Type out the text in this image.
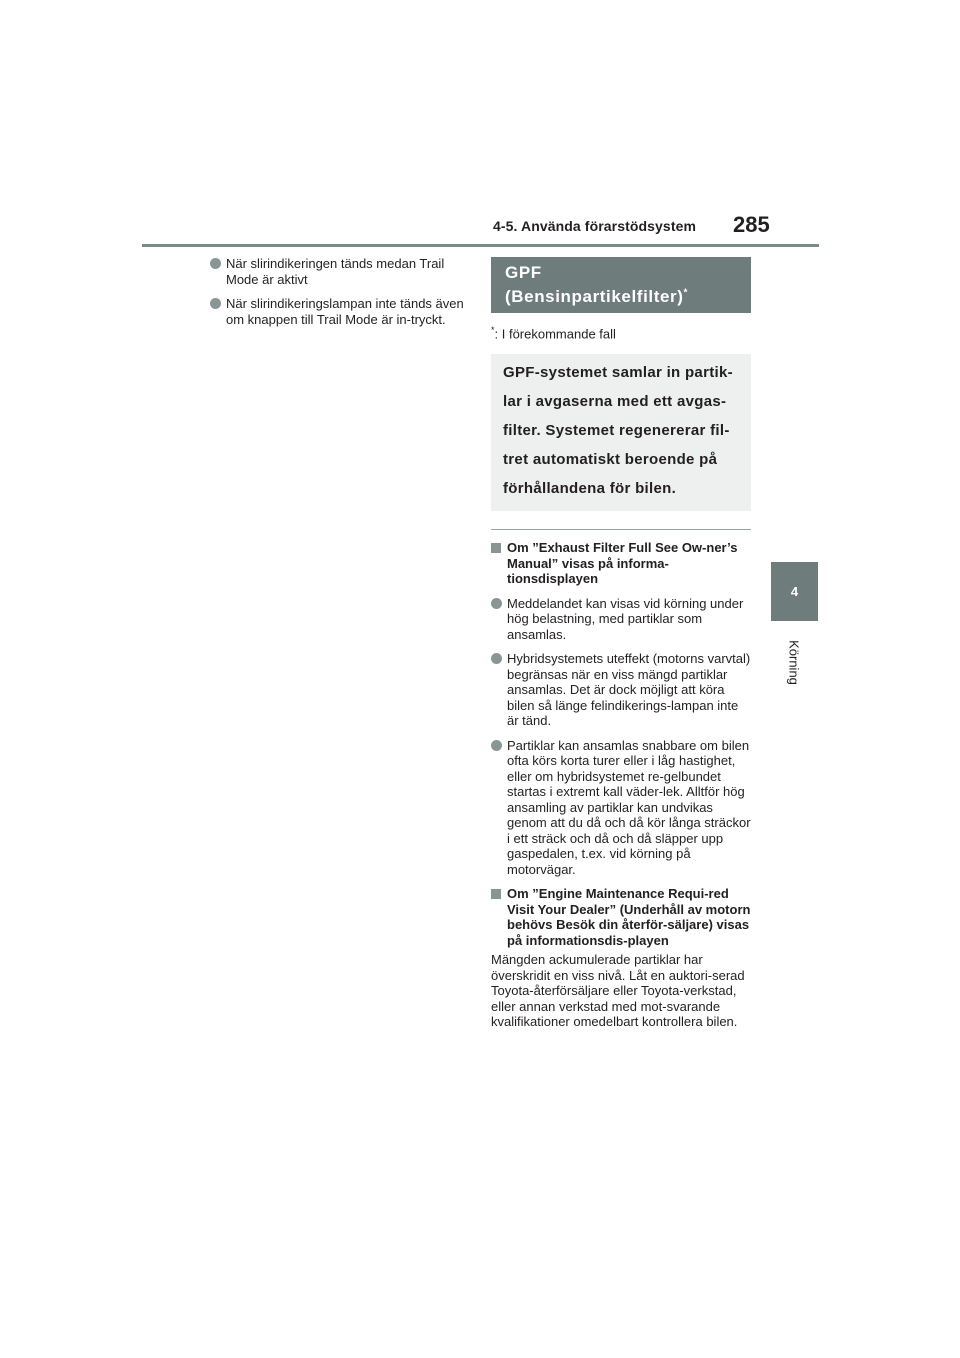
4-5. Använda förarstödsystem 285
4
Körning
När slirindikeringen tänds medan Trail Mode är aktivt
När slirindikeringslampan inte tänds även om knappen till Trail Mode är in-tryckt.
GPF
(Bensinpartikelfilter)*
*: I förekommande fall
GPF-systemet samlar in partik-lar i avgaserna med ett avgas-filter. Systemet regenererar fil-tret automatiskt beroende på förhållandena för bilen.
Om ”Exhaust Filter Full See Ow-ner’s Manual” visas på informa-tionsdisplayen
Meddelandet kan visas vid körning under hög belastning, med partiklar som ansamlas.
Hybridsystemets uteffekt (motorns varvtal) begränsas när en viss mängd partiklar ansamlas. Det är dock möjligt att köra bilen så länge felindikerings-lampan inte är tänd.
Partiklar kan ansamlas snabbare om bilen ofta körs korta turer eller i låg hastighet, eller om hybridsystemet re-gelbundet startas i extremt kall väder-lek. Alltför hög ansamling av partiklar kan undvikas genom att du då och då kör långa sträckor i ett sträck och då och då släpper upp gaspedalen, t.ex. vid körning på motorvägar.
Om ”Engine Maintenance Requi-red Visit Your Dealer” (Underhåll av motorn behövs Besök din återför-säljare) visas på informationsdis-playen
Mängden ackumulerade partiklar har överskridit en viss nivå. Låt en auktori-serad Toyota-återförsäljare eller Toyota-verkstad, eller annan verkstad med mot-svarande kvalifikationer omedelbart kontrollera bilen.
